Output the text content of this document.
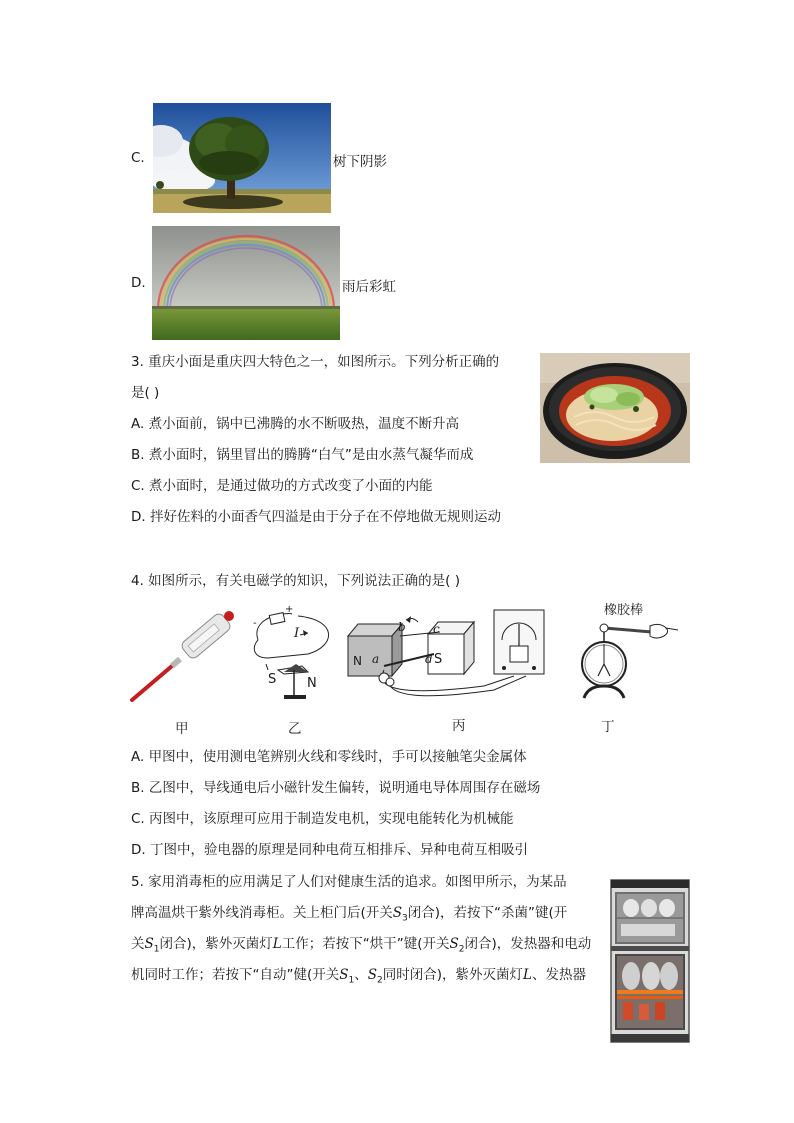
C.	树下阴影
D.	雨后彩虹
3. 重庆小面是重庆四大特色之一，如图所示。下列分析正确的
是( )
A. 煮小面前，锅中已沸腾的水不断吸热，温度不断升高
B. 煮小面时，锅里冒出的腾腾“白气”是由水蒸气凝华而成
C. 煮小面时，是通过做功的方式改变了小面的内能
D. 拌好佐料的小面香气四溢是由于分子在不停地做无规则运动
4. 如图所示，有关电磁学的知识，下列说法正确的是( )
甲
-
+
I
S N
乙
N	S
a
b c
d
丙
橡胶棒
丁
A. 甲图中，使用测电笔辨别火线和零线时，手可以接触笔尖金属体
B. 乙图中，导线通电后小磁针发生偏转，说明通电导体周围存在磁场
C. 丙图中，该原理可应用于制造发电机，实现电能转化为机械能
D. 丁图中，验电器的原理是同种电荷互相排斥、异种电荷互相吸引
5. 家用消毒柜的应用满足了人们对健康生活的追求。如图甲所示，为某品
牌高温烘干紫外线消毒柜。关上柜门后(开关$S_3$闭合)，若按下“杀菌”键(开
关$S_1$闭合)，紫外灭菌灯L工作；若按下“烘干”键(开关$S_2$闭合)，发热器和电动
机同时工作；若按下“自动”健(开关$S_1$、$S_2$同时闭合)，紫外灭菌灯L、发热器
